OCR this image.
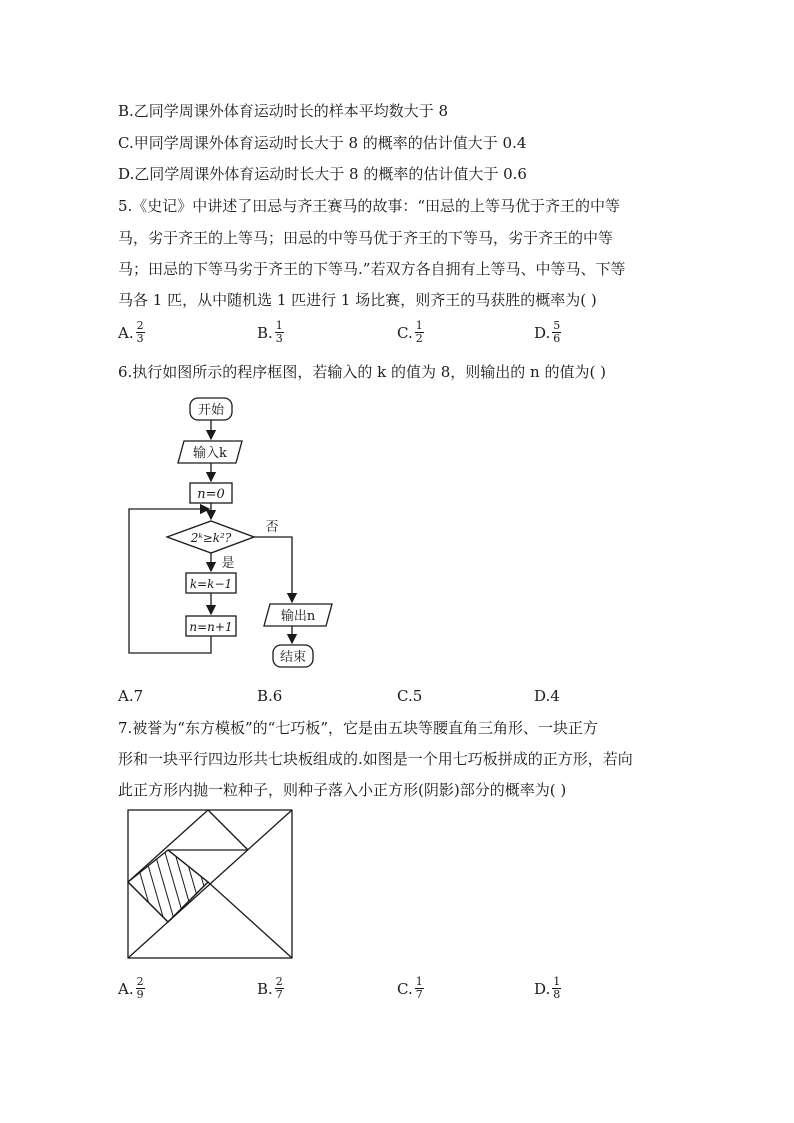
B.乙同学周课外体育运动时长的样本平均数大于 8
C.甲同学周课外体育运动时长大于 8 的概率的估计值大于 0.4
D.乙同学周课外体育运动时长大于 8 的概率的估计值大于 0.6
5.《史记》中讲述了田忌与齐王赛马的故事：“田忌的上等马优于齐王的中等
马，劣于齐王的上等马；田忌的中等马优于齐王的下等马，劣于齐王的中等
马；田忌的下等马劣于齐王的下等马.”若双方各自拥有上等马、中等马、下等
马各 1 匹，从中随机选 1 匹进行 1 场比赛，则齐王的马获胜的概率为( )
A. $\frac{2}{3}$	B. $\frac{1}{3}$	C. $\frac{1}{2}$	D. $\frac{5}{6}$
6.执行如图所示的程序框图，若输入的 k 的值为 8，则输出的 n 的值为( )
开始
输入k
n=0
2ᵏ≥k²?
否
是
k=k−1
n=n+1
输出n
结束
A.7	B.6	C.5	D.4
7.被誉为“东方模板”的“七巧板”，它是由五块等腰直角三角形、一块正方
形和一块平行四边形共七块板组成的.如图是一个用七巧板拼成的正方形，若向
此正方形内抛一粒种子，则种子落入小正方形(阴影)部分的概率为( )
A. $\frac{2}{9}$	B. $\frac{2}{7}$	C. $\frac{1}{7}$	D. $\frac{1}{8}$
